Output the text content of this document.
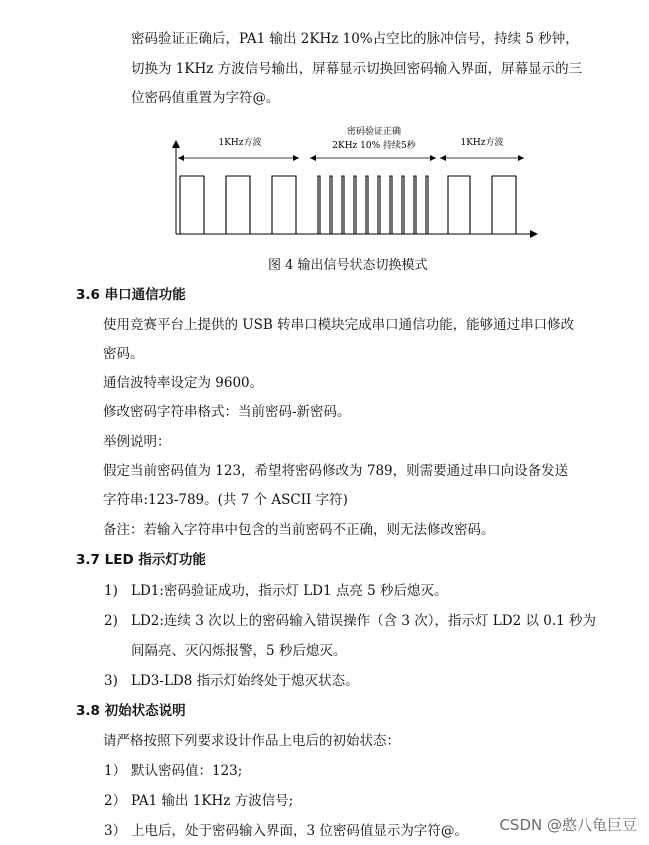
密码验证正确后，PA1 输出 2KHz 10%占空比的脉冲信号，持续 5 秒钟，
切换为 1KHz 方波信号输出，屏幕显示切换回密码输入界面，屏幕显示的三
位密码值重置为字符@。
1KHz方波
密码验证正确
2KHz 10% 持续5秒	1KHz方波
图 4 输出信号状态切换模式
3.6 串口通信功能
使用竞赛平台上提供的 USB 转串口模块完成串口通信功能，能够通过串口修改
密码。
通信波特率设定为 9600。
修改密码字符串格式：当前密码-新密码。
举例说明：
假定当前密码值为 123，希望将密码修改为 789，则需要通过串口向设备发送
字符串:123-789。(共 7 个 ASCII 字符)
备注：若输入字符串中包含的当前密码不正确，则无法修改密码。
3.7 LED 指示灯功能
1) LD1:密码验证成功，指示灯 LD1 点亮 5 秒后熄灭。
2) LD2:连续 3 次以上的密码输入错误操作（含 3 次），指示灯 LD2 以 0.1 秒为
间隔亮、灭闪烁报警，5 秒后熄灭。
3) LD3-LD8 指示灯始终处于熄灭状态。
3.8 初始状态说明
请严格按照下列要求设计作品上电后的初始状态：
1） 默认密码值：123;
2） PA1 输出 1KHz 方波信号;
3） 上电后，处于密码输入界面，3 位密码值显示为字符@。 CSDN @憨八龟巨豆
